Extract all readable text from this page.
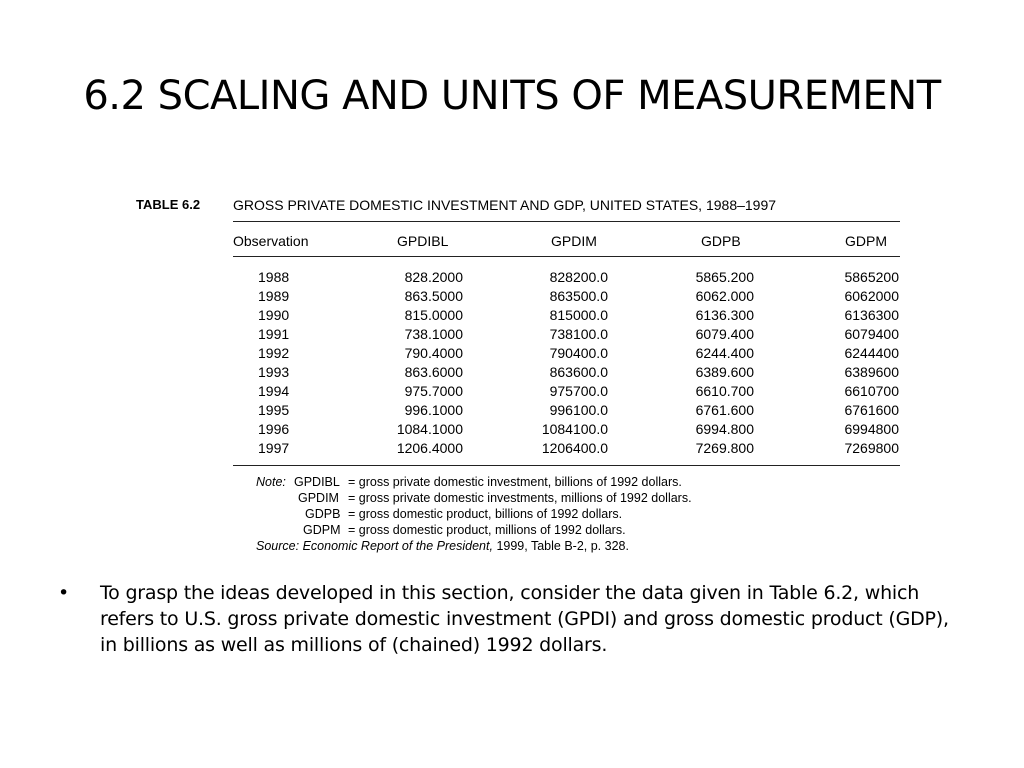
6.2 SCALING AND UNITS OF MEASUREMENT
TABLE 6.2 GROSS PRIVATE DOMESTIC INVESTMENT AND GDP, UNITED STATES, 1988–1997
Observation	GPDIBL	GPDIM	GDPB	GDPM
1988	828.2000	828200.0	5865.200	5865200
1989	863.5000	863500.0	6062.000	6062000
1990	815.0000	815000.0	6136.300	6136300
1991	738.1000	738100.0	6079.400	6079400
1992	790.4000	790400.0	6244.400	6244400
1993	863.6000	863600.0	6389.600	6389600
1994	975.7000	975700.0	6610.700	6610700
1995	996.1000	996100.0	6761.600	6761600
1996	1084.1000	1084100.0	6994.800	6994800
1997	1206.4000	1206400.0	7269.800	7269800
Note: GPDIBL = gross private domestic investment, billions of 1992 dollars.
GPDIM = gross private domestic investments, millions of 1992 dollars.
GDPB = gross domestic product, billions of 1992 dollars.
GDPM = gross domestic product, millions of 1992 dollars.
Source: Economic Report of the President, 1999, Table B-2, p. 328.
• To grasp the ideas developed in this section, consider the data given in Table 6.2, which refers to U.S. gross private domestic investment (GPDI) and gross domestic product (GDP), in billions as well as millions of (chained) 1992 dollars.
